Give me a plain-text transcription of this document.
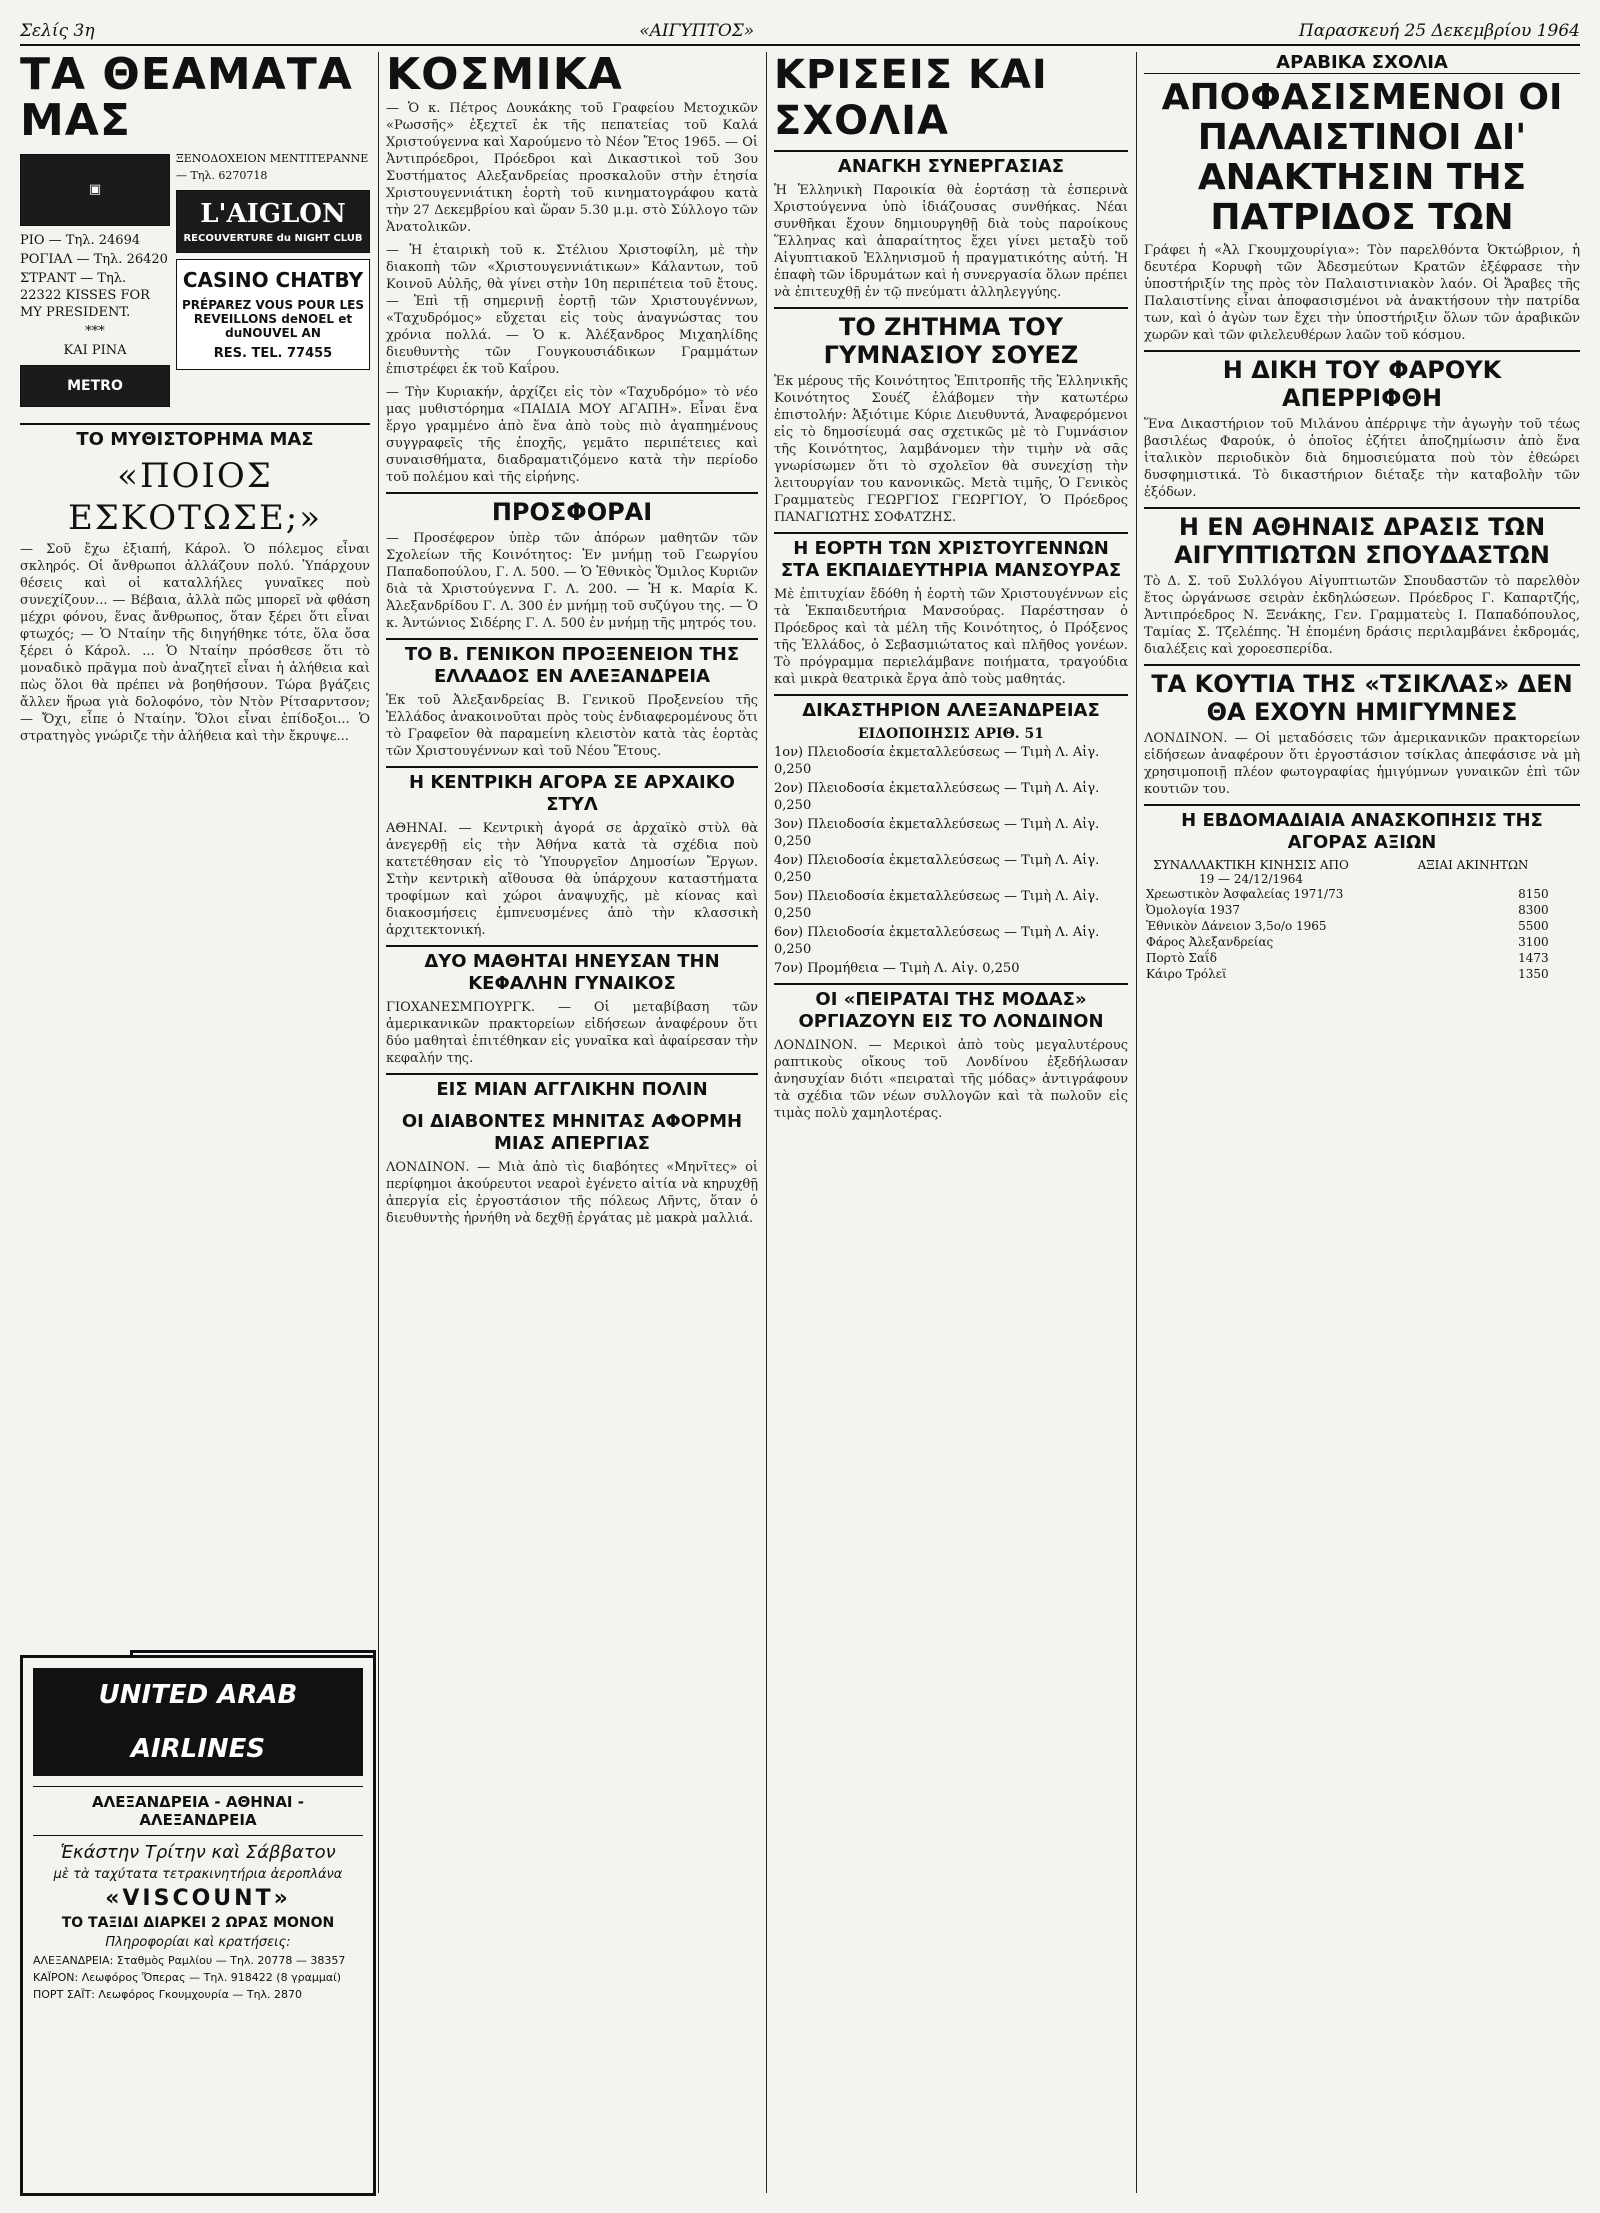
Σελίς 3η	«ΑΙΓΥΠΤΟΣ»	Παρασκευή 25 Δεκεμβρίου 1964
ΤΑ ΘΕΑΜΑΤΑ ΜΑΣ
▣
ΡΙΟ — Τηλ. 24694
ΡΟΓΙΑΛ — Τηλ. 26420
ΣΤΡΑΝΤ — Τηλ. 22322 KISSES FOR MY PRESIDENT.
***
ΚΑΙ ΡΙΝΑ
METRO
ΞΕΝΟΔΟΧΕΙΟΝ ΜΕΝΤΙΤΕΡΑΝΝΕ — Τηλ. 6270718
L'AIGLON
RECOUVERTURE du NIGHT CLUB
CASINO CHATBY
PRÉPAREZ VOUS POUR LES REVEILLONS deNOEL et duNOUVEL AN
RES. TEL. 77455
ΤΟ ΜΥΘΙΣΤΟΡΗΜΑ ΜΑΣ
«ΠΟΙΟΣ ΕΣΚΟΤΩΣΕ;»

— Σοῦ ἔχω ἐξιαπή, Κάρολ. Ὁ πόλεμος εἶναι σκληρός. Οἱ ἄνθρωποι ἀλλάζουν πολύ. Ὑπάρχουν θέσεις καὶ οἱ καταλλήλες γυναῖκες ποὺ συνεχίζουν... — Βέβαια, ἀλλὰ πῶς μπορεῖ νὰ φθάση μέχρι φόνου, ἕνας ἄνθρωπος, ὅταν ξέρει ὅτι εἶναι φτωχός; — Ὁ Νταίην τῆς διηγήθηκε τότε, ὅλα ὅσα ξέρει ὁ Κάρολ. ... Ὁ Νταίην πρόσθεσε ὅτι τὸ μοναδικὸ πρᾶγμα ποὺ ἀναζητεῖ εἶναι ἡ ἀλήθεια καὶ πὼς ὅλοι θὰ πρέπει νὰ βοηθήσουν. Τώρα βγάζεις ἄλλεν ἥρωα γιὰ δολοφόνο, τὸν Ντὸν Ρίτσαρντσον; — Ὄχι, εἶπε ὁ Νταίην. Ὅλοι εἶναι ἐπίδοξοι... Ὁ στρατηγὸς γνώριζε τὴν ἀλήθεια καὶ τὴν ἔκρυψε...

ΚΟΣΜΙΚΑ

— Ὁ κ. Πέτρος Δουκάκης τοῦ Γραφείου Μετοχικῶν «Ρωσσῆς» ἐξεχτεῖ ἐκ τῆς πεπατείας τοῦ Καλά Χριστούγεννα καὶ Χαρούμενο τὸ Νέον Ἔτος 1965. — Οἱ Ἀντιπρόεδροι, Πρόεδροι καὶ Δικαστικοὶ τοῦ 3ου Συστήματος Αλεξανδρείας προσκαλοῦν στὴν ἐτησία Χριστουγεννιάτικη ἑορτὴ τοῦ κινηματογράφου κατὰ τὴν 27 Δεκεμβρίου καὶ ὥραν 5.30 μ.μ. στὸ Σύλλογο τῶν Ἀνατολικῶν.

— Ἡ ἑταιρικὴ τοῦ κ. Στέλιου Χριστοφίλη, μὲ τὴν διακοπὴ τῶν «Χριστουγεννιάτικων» Κάλαντων, τοῦ Κοινοῦ Αὐλῆς, θὰ γίνει στὴν 10η περιπέτεια τοῦ ἔτους. — Ἐπὶ τῇ σημερινῇ ἑορτῇ τῶν Χριστουγέννων, «Ταχυδρόμος» εὔχεται εἰς τοὺς ἀναγνώστας του χρόνια πολλά. — Ὁ κ. Ἀλέξανδρος Μιχαηλίδης διευθυντὴς τῶν Γουγκουσιάδικων Γραμμάτων ἐπιστρέφει ἐκ τοῦ Καΐρου.

— Τὴν Κυριακήν, ἀρχίζει εἰς τὸν «Ταχυδρόμο» τὸ νέο μας μυθιστόρημα «ΠΑΙΔΙΑ ΜΟΥ ΑΓΑΠΗ». Εἶναι ἕνα ἔργο γραμμένο ἀπὸ ἕνα ἀπὸ τοὺς πιὸ ἀγαπημένους συγγραφεῖς τῆς ἐποχῆς, γεμᾶτο περιπέτειες καὶ συναισθήματα, διαδραματιζόμενο κατὰ τὴν περίοδο τοῦ πολέμου καὶ τῆς εἰρήνης.

ΠΡΟΣΦΟΡΑΙ

— Προσέφερον ὑπὲρ τῶν ἀπόρων μαθητῶν τῶν Σχολείων τῆς Κοινότητος: Ἐν μνήμῃ τοῦ Γεωργίου Παπαδοπούλου, Γ. Λ. 500. — Ὁ Ἐθνικὸς Ὅμιλος Κυριῶν διὰ τὰ Χριστούγεννα Γ. Λ. 200. — Ἡ κ. Μαρία Κ. Ἀλεξανδρίδου Γ. Λ. 300 ἐν μνήμῃ τοῦ συζύγου της. — Ὁ κ. Ἀντώνιος Σιδέρης Γ. Λ. 500 ἐν μνήμῃ τῆς μητρός του.

ΤΟ Β. ΓΕΝΙΚΟΝ ΠΡΟΞΕΝΕΙΟΝ ΤΗΣ ΕΛΛΑΔΟΣ ΕΝ ΑΛΕΞΑΝΔΡΕΙΑ

Ἐκ τοῦ Ἀλεξανδρείας Β. Γενικοῦ Προξενείου τῆς Ἑλλάδος ἀνακοινοῦται πρὸς τοὺς ἐνδιαφερομένους ὅτι τὸ Γραφεῖον θὰ παραμείνη κλειστὸν κατὰ τὰς ἑορτὰς τῶν Χριστουγέννων καὶ τοῦ Νέου Ἔτους.

Η ΚΕΝΤΡΙΚΗ ΑΓΟΡΑ ΣΕ ΑΡΧΑΙΚΟ ΣΤΥΛ

ΑΘΗΝΑΙ. — Κεντρικὴ ἀγορά σε ἀρχαϊκὸ στὺλ θὰ ἀνεγερθῇ εἰς τὴν Ἀθήνα κατὰ τὰ σχέδια ποὺ κατετέθησαν εἰς τὸ Ὑπουργεῖον Δημοσίων Ἔργων. Στὴν κεντρικὴ αἴθουσα θὰ ὑπάρχουν καταστήματα τροφίμων καὶ χώροι ἀναψυχῆς, μὲ κίονας καὶ διακοσμήσεις ἐμπνευσμένες ἀπὸ τὴν κλασσικὴ ἀρχιτεκτονική.

ΔΥΟ ΜΑΘΗΤΑΙ ΗΝΕΥΣΑΝ ΤΗΝ ΚΕΦΑΛΗΝ ΓΥΝΑΙΚΟΣ

ΓΙΟΧΑΝΕΣΜΠΟΥΡΓΚ. — Οἱ μεταβίβαση τῶν ἀμερικανικῶν πρακτορείων εἰδήσεων ἀναφέρουν ὅτι δύο μαθηταὶ ἐπιτέθηκαν εἰς γυναῖκα καὶ ἀφαίρεσαν τὴν κεφαλήν της.

ΕΙΣ ΜΙΑΝ ΑΓΓΛΙΚΗΝ ΠΟΛΙΝ
ΟΙ ΔΙΑΒΟΝΤΕΣ ΜΗΝΙΤΑΣ ΑΦΟΡΜΗ ΜΙΑΣ ΑΠΕΡΓΙΑΣ

ΛΟΝΔΙΝΟΝ. — Μιὰ ἀπὸ τὶς διαβόητες «Μηνῖτες» οἱ περίφημοι ἀκούρευτοι νεαροὶ ἐγένετο αἰτία νὰ κηρυχθῇ ἀπεργία εἰς ἐργοστάσιον τῆς πόλεως Λῆντς, ὅταν ὁ διευθυντὴς ἠρνήθη νὰ δεχθῇ ἐργάτας μὲ μακρὰ μαλλιά.

ΚΡΙΣΕΙΣ ΚΑΙ ΣΧΟΛΙΑ
ΑΝΑΓΚΗ ΣΥΝΕΡΓΑΣΙΑΣ

Ἡ Ἑλληνικὴ Παροικία θὰ ἑορτάσῃ τὰ ἑσπερινὰ Χριστούγεννα ὑπὸ ἰδιάζουσας συνθήκας. Νέαι συνθῆκαι ἔχουν δημιουργηθῇ διὰ τοὺς παροίκους Ἕλληνας καὶ ἀπαραίτητος ἔχει γίνει μεταξὺ τοῦ Αἰγυπτιακοῦ Ἑλληνισμοῦ ἡ πραγματικότης αὐτή. Ἡ ἐπαφὴ τῶν ἱδρυμάτων καὶ ἡ συνεργασία ὅλων πρέπει νὰ ἐπιτευχθῇ ἐν τῷ πνεύματι ἀλληλεγγύης.

ΤΟ ΖΗΤΗΜΑ ΤΟΥ ΓΥΜΝΑΣΙΟΥ ΣΟΥΕΖ

Ἐκ μέρους τῆς Κοινότητος Ἐπιτροπῆς τῆς Ἑλληνικῆς Κοινότητος Σουέζ ἐλάβομεν τὴν κατωτέρω ἐπιστολήν: Ἀξιότιμε Κύριε Διευθυντά, Ἀναφερόμενοι εἰς τὸ δημοσίευμά σας σχετικῶς μὲ τὸ Γυμνάσιον τῆς Κοινότητος, λαμβάνομεν τὴν τιμὴν νὰ σᾶς γνωρίσωμεν ὅτι τὸ σχολεῖον θὰ συνεχίσῃ τὴν λειτουργίαν του κανονικῶς. Μετὰ τιμῆς, Ὁ Γενικὸς Γραμματεὺς ΓΕΩΡΓΙΟΣ ΓΕΩΡΓΙΟΥ, Ὁ Πρόεδρος ΠΑΝΑΓΙΩΤΗΣ ΣΟΦΑΤΖΗΣ.

Η ΕΟΡΤΗ ΤΩΝ ΧΡΙΣΤΟΥΓΕΝΝΩΝ ΣΤΑ ΕΚΠΑΙΔΕΥΤΗΡΙΑ ΜΑΝΣΟΥΡΑΣ

Μὲ ἐπιτυχίαν ἔδόθη ἡ ἑορτὴ τῶν Χριστουγέννων εἰς τὰ Ἐκπαιδευτήρια Μανσούρας. Παρέστησαν ὁ Πρόεδρος καὶ τὰ μέλη τῆς Κοινότητος, ὁ Πρόξενος τῆς Ἑλλάδος, ὁ Σεβασμιώτατος καὶ πλῆθος γονέων. Τὸ πρόγραμμα περιελάμβανε ποιήματα, τραγούδια καὶ μικρὰ θεατρικὰ ἔργα ἀπὸ τοὺς μαθητάς.

ΔΙΚΑΣΤΗΡΙΟΝ ΑΛΕΞΑΝΔΡΕΙΑΣ
ΕΙΔΟΠΟΙΗΣΙΣ ΑΡΙΘ. 51
1ον) Πλειοδοσία ἐκμεταλλεύσεως — Τιμὴ Λ. Αἰγ. 0,250
2ον) Πλειοδοσία ἐκμεταλλεύσεως — Τιμὴ Λ. Αἰγ. 0,250
3ον) Πλειοδοσία ἐκμεταλλεύσεως — Τιμὴ Λ. Αἰγ. 0,250
4ον) Πλειοδοσία ἐκμεταλλεύσεως — Τιμὴ Λ. Αἰγ. 0,250
5ον) Πλειοδοσία ἐκμεταλλεύσεως — Τιμὴ Λ. Αἰγ. 0,250
6ον) Πλειοδοσία ἐκμεταλλεύσεως — Τιμὴ Λ. Αἰγ. 0,250
7ον) Προμήθεια — Τιμὴ Λ. Αἰγ. 0,250
ΟΙ «ΠΕΙΡΑΤΑΙ ΤΗΣ ΜΟΔΑΣ» ΟΡΓΙΑΖΟΥΝ ΕΙΣ ΤΟ ΛΟΝΔΙΝΟΝ

ΛΟΝΔΙΝΟΝ. — Μερικοὶ ἀπὸ τοὺς μεγαλυτέρους ραπτικοὺς οἴκους τοῦ Λονδίνου ἐξεδήλωσαν ἀνησυχίαν διότι «πειραταὶ τῆς μόδας» ἀντιγράφουν τὰ σχέδια τῶν νέων συλλογῶν καὶ τὰ πωλοῦν εἰς τιμὰς πολὺ χαμηλοτέρας.

ΑΡΑΒΙΚΑ ΣΧΟΛΙΑ
ΑΠΟΦΑΣΙΣΜΕΝΟΙ ΟΙ ΠΑΛΑΙΣΤΙΝΟΙ ΔΙ' ΑΝΑΚΤΗΣΙΝ ΤΗΣ ΠΑΤΡΙΔΟΣ ΤΩΝ

Γράφει ἡ «Ἀλ Γκουμχουρίγια»: Τὸν παρελθόντα Ὀκτώβριον, ἡ δευτέρα Κορυφὴ τῶν Ἀδεσμεύτων Κρατῶν ἐξέφρασε τὴν ὑποστήριξίν της πρὸς τὸν Παλαιστινιακὸν λαόν. Οἱ Ἄραβες τῆς Παλαιστίνης εἶναι ἀποφασισμένοι νὰ ἀνακτήσουν τὴν πατρίδα των, καὶ ὁ ἀγὼν των ἔχει τὴν ὑποστήριξιν ὅλων τῶν ἀραβικῶν χωρῶν καὶ τῶν φιλελευθέρων λαῶν τοῦ κόσμου.

Η ΔΙΚΗ ΤΟΥ ΦΑΡΟΥΚ ΑΠΕΡΡΙΦΘΗ

Ἕνα Δικαστήριον τοῦ Μιλάνου ἀπέρριψε τὴν ἀγωγὴν τοῦ τέως βασιλέως Φαρούκ, ὁ ὁποῖος ἐζήτει ἀποζημίωσιν ἀπὸ ἕνα ἰταλικὸν περιοδικὸν διὰ δημοσιεύματα ποὺ τὸν ἐθεώρει δυσφημιστικά. Τὸ δικαστήριον διέταξε τὴν καταβολὴν τῶν ἐξόδων.

Η ΕΝ ΑΘΗΝΑΙΣ ΔΡΑΣΙΣ ΤΩΝ ΑΙΓΥΠΤΙΩΤΩΝ ΣΠΟΥΔΑΣΤΩΝ

Τὸ Δ. Σ. τοῦ Συλλόγου Αἰγυπτιωτῶν Σπουδαστῶν τὸ παρελθὸν ἔτος ὠργάνωσε σειρὰν ἐκδηλώσεων. Πρόεδρος Γ. Καπαρτζής, Ἀντιπρόεδρος Ν. Ξενάκης, Γεν. Γραμματεὺς Ι. Παπαδόπουλος, Ταμίας Σ. Τζελέπης. Ἡ ἐπομένη δράσις περιλαμβάνει ἐκδρομάς, διαλέξεις καὶ χοροεσπερίδα.

ΤΑ ΚΟΥΤΙΑ ΤΗΣ «ΤΣΙΚΛΑΣ» ΔΕΝ ΘΑ ΕΧΟΥΝ ΗΜΙΓΥΜΝΕΣ

ΛΟΝΔΙΝΟΝ. — Οἱ μεταδόσεις τῶν ἀμερικανικῶν πρακτορείων εἰδήσεων ἀναφέρουν ὅτι ἐργοστάσιον τσίκλας ἀπεφάσισε νὰ μὴ χρησιμοποιῇ πλέον φωτογραφίας ἡμιγύμνων γυναικῶν ἐπὶ τῶν κουτιῶν του.

Η ΕΒΔΟΜΑΔΙΑΙΑ ΑΝΑΣΚΟΠΗΣΙΣ ΤΗΣ ΑΓΟΡΑΣ ΑΞΙΩΝ
ΣΥΝΑΛΛΑΚΤΙΚΗ ΚΙΝΗΣΙΣ ΑΠΟ 19 — 24/12/1964
ΑΞΙΑΙ ΑΚΙΝΗΤΩΝ
Χρεωστικὸν Ἀσφαλείας 1971/73	8150
Ὀμολογία 1937	8300
Ἐθνικὸν Δάνειον 3,5ο/ο 1965	5500
Φάρος Ἀλεξανδρείας	3100
Πορτὸ Σαΐδ	1473
Κάιρο Τρόλεϊ	1350
UNITED ARAB AIRLINES
ΑΛΕΞΑΝΔΡΕΙΑ - ΑΘΗΝΑΙ - ΑΛΕΞΑΝΔΡΕΙΑ
Ἑκάστην Τρίτην καὶ Σάββατον
μὲ τὰ ταχύτατα τετρακινητήρια ἀεροπλάνα
«VISCOUNT»
ΤΟ ΤΑΞΙΔΙ ΔΙΑΡΚΕΙ 2 ΩΡΑΣ ΜΟΝΟΝ
Πληροφορίαι καὶ κρατήσεις:
ΑΛΕΞΑΝΔΡΕΙΑ: Σταθμὸς Ραμλίου — Τηλ. 20778 — 38357
ΚΑΪΡΟΝ: Λεωφόρος Ὄπερας — Τηλ. 918422 (8 γραμμαί)
ΠΟΡΤ ΣΑΪΤ: Λεωφόρος Γκουμχουρία — Τηλ. 2870
